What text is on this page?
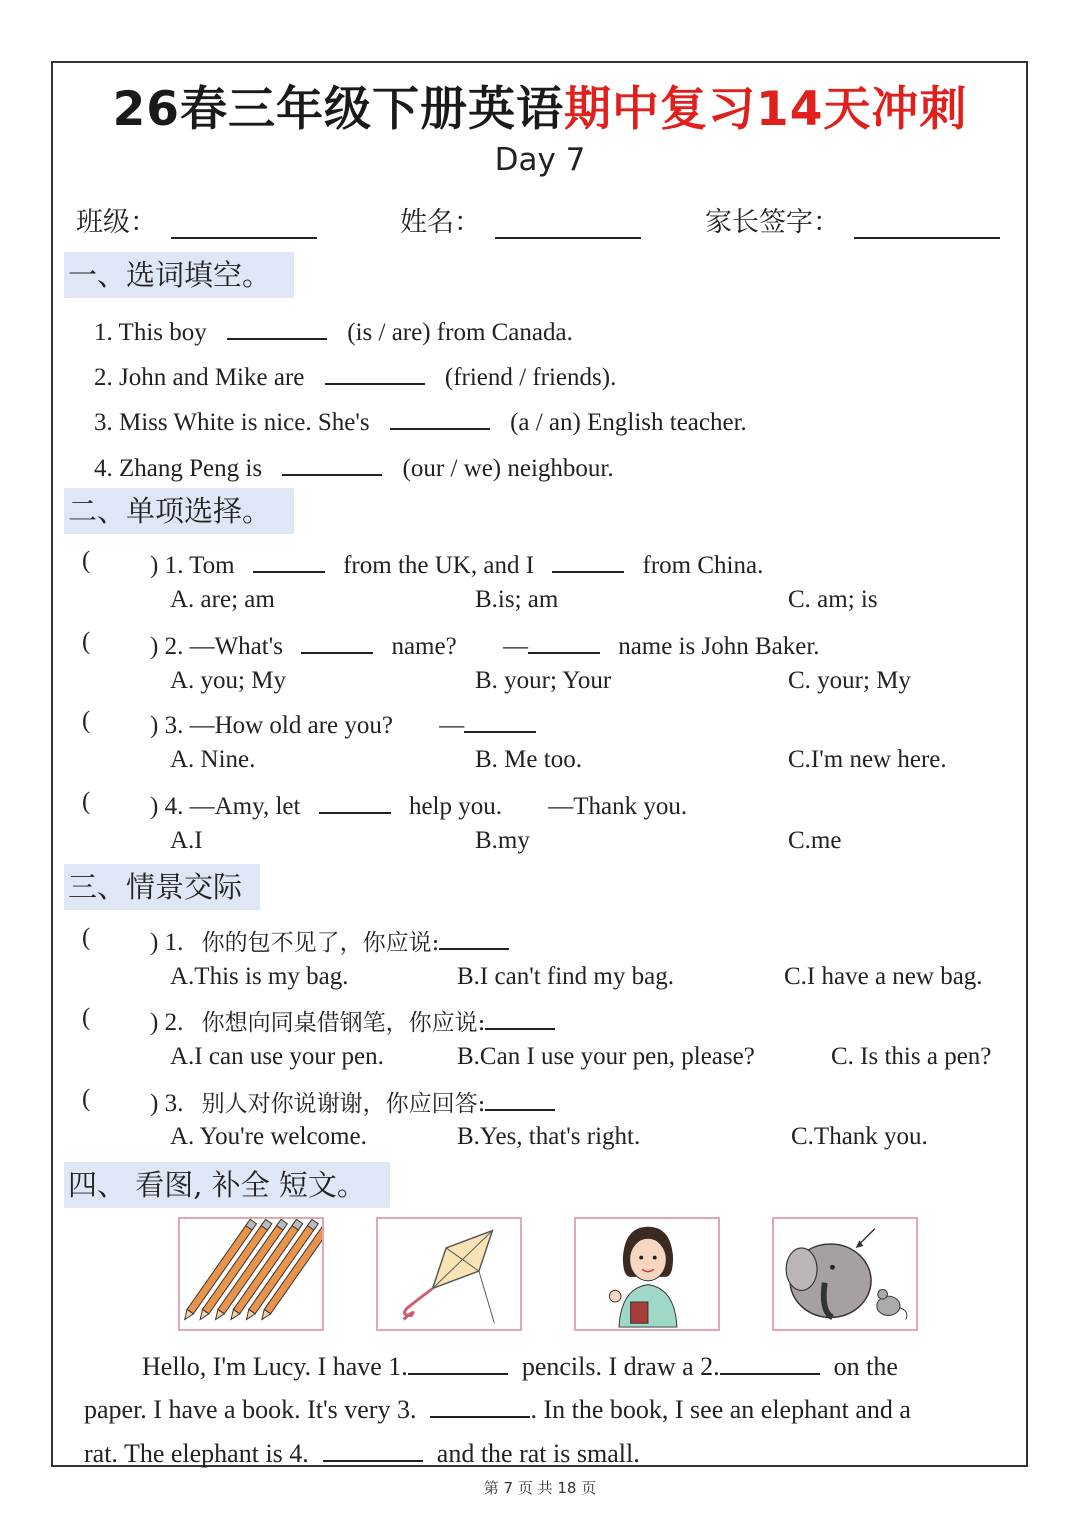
26春三年级下册英语期中复习14天冲刺
Day 7
班级：	姓名：	家长签字：
一、选词填空。
1. This boy	(is / are) from Canada.
2. John and Mike are	(friend / friends).
3. Miss White is nice. She's	(a / an) English teacher.
4. Zhang Peng is	(our / we) neighbour.
二、单项选择。
( ) 1. Tom	from the UK, and I	from China.
A. are; am	B.is; am	C. am; is
( ) 2. —What's	name? —	name is John Baker.
A. you; My	B. your; Your	C. your; My
( ) 3. —How old are you? —
A. Nine.	B. Me too.	C.I'm new here.
( ) 4. —Amy, let	help you. —Thank you.
A.I	B.my	C.me
三、情景交际
( ) 1. 你的包不见了，你应说:
A.This is my bag.	B.I can't find my bag.	C.I have a new bag.
( ) 2. 你想向同桌借钢笔，你应说:
A.I can use your pen.	B.Can I use your pen, please?	C. Is this a pen?
( ) 3. 别人对你说谢谢，你应回答:
A. You're welcome.	B.Yes, that's right.	C.Thank you.
四、 看图, 补全 短文。
Hello, I'm Lucy. I have 1.	pencils. I draw a 2.	on the
paper. I have a book. It's very 3.	. In the book, I see an elephant and a
rat. The elephant is 4.	and the rat is small.
第 7 页 共 18 页
